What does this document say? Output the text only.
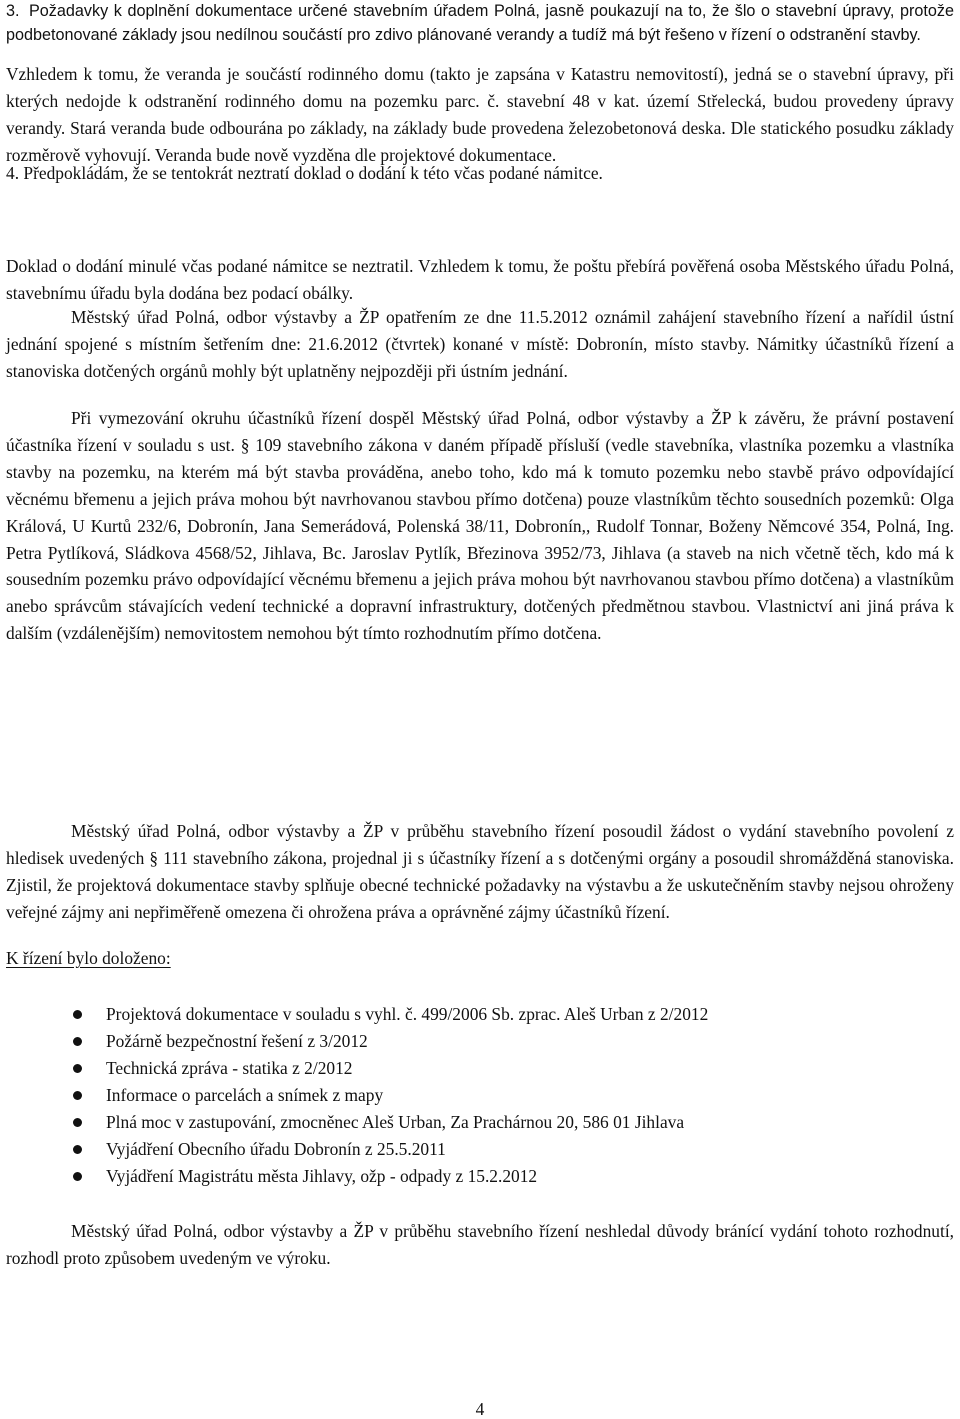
3. Požadavky k doplnění dokumentace určené stavebním úřadem Polná, jasně poukazují na to, že šlo o stavební úpravy, protože podbetonované základy jsou nedílnou součástí pro zdivo plánované verandy a tudíž má být řešeno v řízení o odstranění stavby.

Vzhledem k tomu, že veranda je součástí rodinného domu (takto je zapsána v Katastru nemovitostí), jedná se o stavební úpravy, při kterých nedojde k odstranění rodinného domu na pozemku parc. č. stavební 48 v kat. území Střelecká, budou provedeny úpravy verandy. Stará veranda bude odbourána po základy, na základy bude provedena železobetonová deska. Dle statického posudku základy rozměrově vyhovují. Veranda bude nově vyzděna dle projektové dokumentace.

4. Předpokládám, že se tentokrát neztratí doklad o dodání k této včas podané námitce.

Doklad o dodání minulé včas podané námitce se neztratil. Vzhledem k tomu, že poštu přebírá pověřená osoba Městského úřadu Polná, stavebnímu úřadu byla dodána bez podací obálky.

Městský úřad Polná, odbor výstavby a ŽP opatřením ze dne 11.5.2012 oznámil zahájení stavebního řízení a nařídil ústní jednání spojené s místním šetřením dne: 21.6.2012 (čtvrtek) konané v místě: Dobronín, místo stavby. Námitky účastníků řízení a stanoviska dotčených orgánů mohly být uplatněny nejpozději při ústním jednání.

Při vymezování okruhu účastníků řízení dospěl Městský úřad Polná, odbor výstavby a ŽP k závěru, že právní postavení účastníka řízení v souladu s ust. § 109 stavebního zákona v daném případě přísluší (vedle stavebníka, vlastníka pozemku a vlastníka stavby na pozemku, na kterém má být stavba prováděna, anebo toho, kdo má k tomuto pozemku nebo stavbě právo odpovídající věcnému břemenu a jejich práva mohou být navrhovanou stavbou přímo dotčena) pouze vlastníkům těchto sousedních pozemků: Olga Králová, U Kurtů 232/6, Dobronín, Jana Semerádová, Polenská 38/11, Dobronín,, Rudolf Tonnar, Boženy Němcové 354, Polná, Ing. Petra Pytlíková, Sládkova 4568/52, Jihlava, Bc. Jaroslav Pytlík, Březinova 3952/73, Jihlava (a staveb na nich včetně těch, kdo má k sousedním pozemku právo odpovídající věcnému břemenu a jejich práva mohou být navrhovanou stavbou přímo dotčena) a vlastníkům anebo správcům stávajících vedení technické a dopravní infrastruktury, dotčených předmětnou stavbou. Vlastnictví ani jiná práva k dalším (vzdálenějším) nemovitostem nemohou být tímto rozhodnutím přímo dotčena.

Městský úřad Polná, odbor výstavby a ŽP v průběhu stavebního řízení posoudil žádost o vydání stavebního povolení z hledisek uvedených § 111 stavebního zákona, projednal ji s účastníky řízení a s dotčenými orgány a posoudil shromážděná stanoviska. Zjistil, že projektová dokumentace stavby splňuje obecné technické požadavky na výstavbu a že uskutečněním stavby nejsou ohroženy veřejné zájmy ani nepřiměřeně omezena či ohrožena práva a oprávněné zájmy účastníků řízení.

K řízení bylo doloženo:

Projektová dokumentace v souladu s vyhl. č. 499/2006 Sb. zprac. Aleš Urban z 2/2012
Požárně bezpečnostní řešení z 3/2012
Technická zpráva - statika z 2/2012
Informace o parcelách a snímek z mapy
Plná moc v zastupování, zmocněnec Aleš Urban, Za Prachárnou 20, 586 01 Jihlava
Vyjádření Obecního úřadu Dobronín z 25.5.2011
Vyjádření Magistrátu města Jihlavy, ožp - odpady z 15.2.2012

Městský úřad Polná, odbor výstavby a ŽP v průběhu stavebního řízení neshledal důvody bránící vydání tohoto rozhodnutí, rozhodl proto způsobem uvedeným ve výroku.

4
